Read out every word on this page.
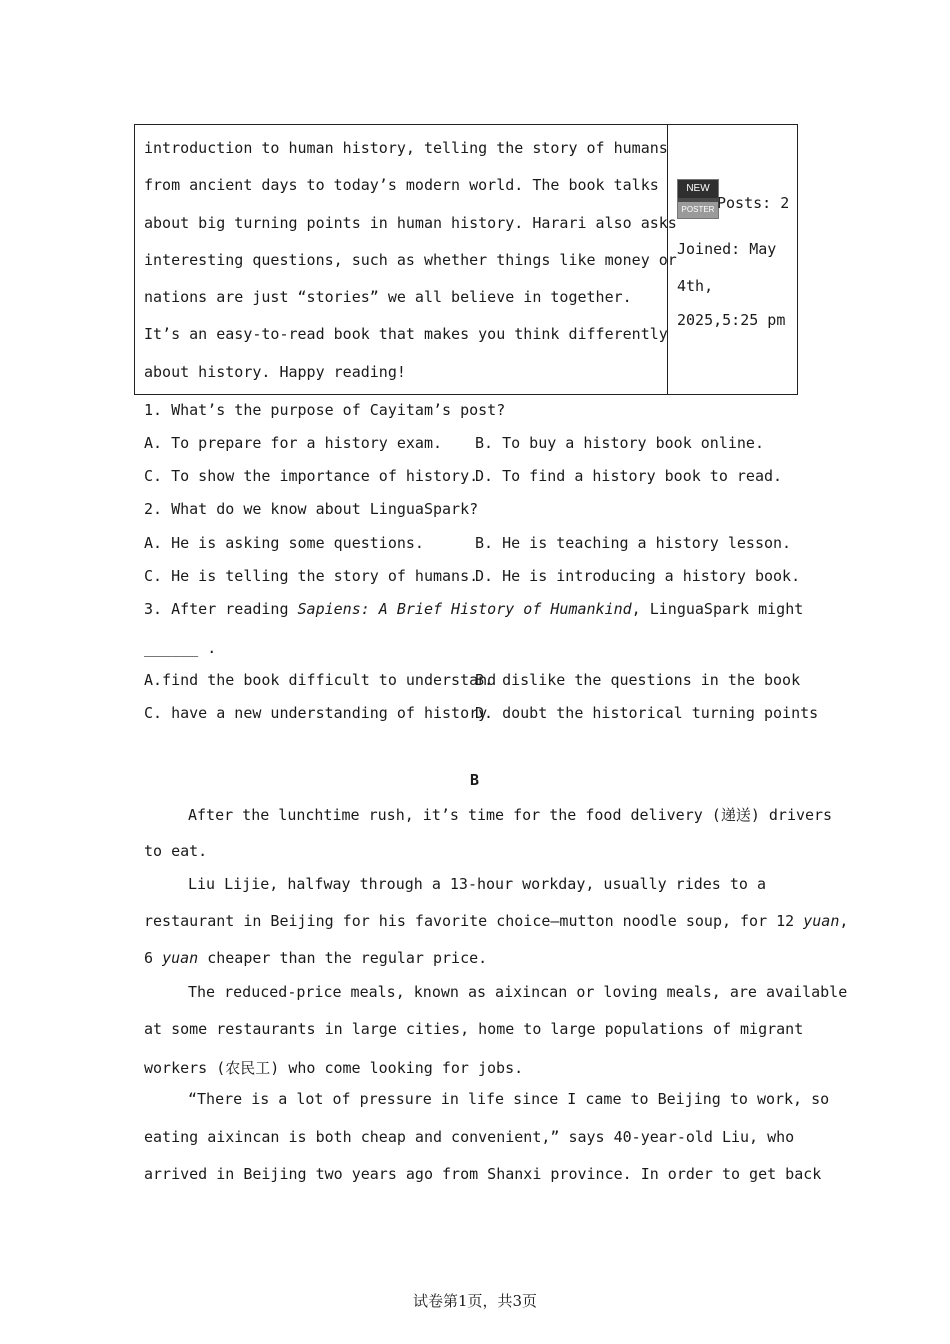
introduction to human history, telling the story of humans
from ancient days to today’s modern world. The book talks
about big turning points in human history. Harari also asks
interesting questions, such as whether things like money or
nations are just “stories” we all believe in together.
It’s an easy-to-read book that makes you think differently
about history. Happy reading!
NEW
POSTER Posts: 2
Joined: May
4th,
2025,5:25 pm
1. What’s the purpose of Cayitam’s post?
A. To prepare for a history exam. B. To buy a history book online.
C. To show the importance of history.
D. To find a history book to read.
2. What do we know about LinguaSpark?
A. He is asking some questions.	B. He is teaching a history lesson.
C. He is telling the story of humans.
D. He is introducing a history book.
3. After reading Sapiens: A Brief History of Humankind, LinguaSpark might
______ .
A.find the book difficult to understand
B. dislike the questions in the book
C. have a new understanding of history
D. doubt the historical turning points
B
After the lunchtime rush, it’s time for the food delivery (递送) drivers
to eat.
Liu Lijie, halfway through a 13-hour workday, usually rides to a
restaurant in Beijing for his favorite choice—mutton noodle soup, for 12 yuan,
6 yuan cheaper than the regular price.
The reduced-price meals, known as aixincan or loving meals, are available
at some restaurants in large cities, home to large populations of migrant
workers (农民工) who come looking for jobs.
“There is a lot of pressure in life since I came to Beijing to work, so
eating aixincan is both cheap and convenient,” says 40-year-old Liu, who
arrived in Beijing two years ago from Shanxi province. In order to get back
试卷第1页，共3页
